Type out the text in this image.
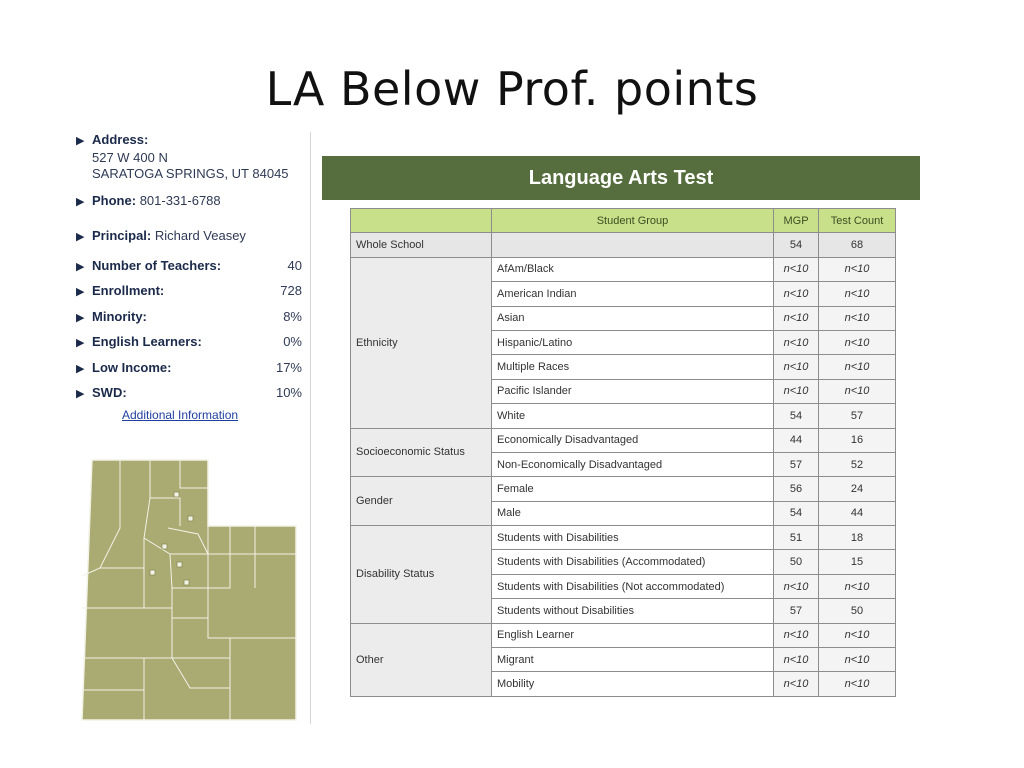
LA Below Prof. points
▶ Address:
527 W 400 N
SARATOGA SPRINGS, UT 84045
▶ Phone: 801-331-6788
▶ Principal: Richard Veasey
▶ Number of Teachers:	40
▶ Enrollment:	728
▶ Minority:	8%
▶ English Learners:	0%
▶ Low Income:	17%
▶ SWD:	10%
Additional Information
Language Arts Test
	Student Group	MGP	Test Count
Whole School		54	68
Ethnicity	AfAm/Black	n<10	n<10
	American Indian	n<10	n<10
	Asian	n<10	n<10
	Hispanic/Latino	n<10	n<10
	Multiple Races	n<10	n<10
	Pacific Islander	n<10	n<10
	White	54	57
Socioeconomic Status	Economically Disadvantaged	44	16
	Non-Economically Disadvantaged	57	52
Gender	Female	56	24
	Male	54	44
Disability Status	Students with Disabilities	51	18
	Students with Disabilities (Accommodated)	50	15
	Students with Disabilities (Not accommodated)	n<10	n<10
	Students without Disabilities	57	50
Other	English Learner	n<10	n<10
	Migrant	n<10	n<10
	Mobility	n<10	n<10
